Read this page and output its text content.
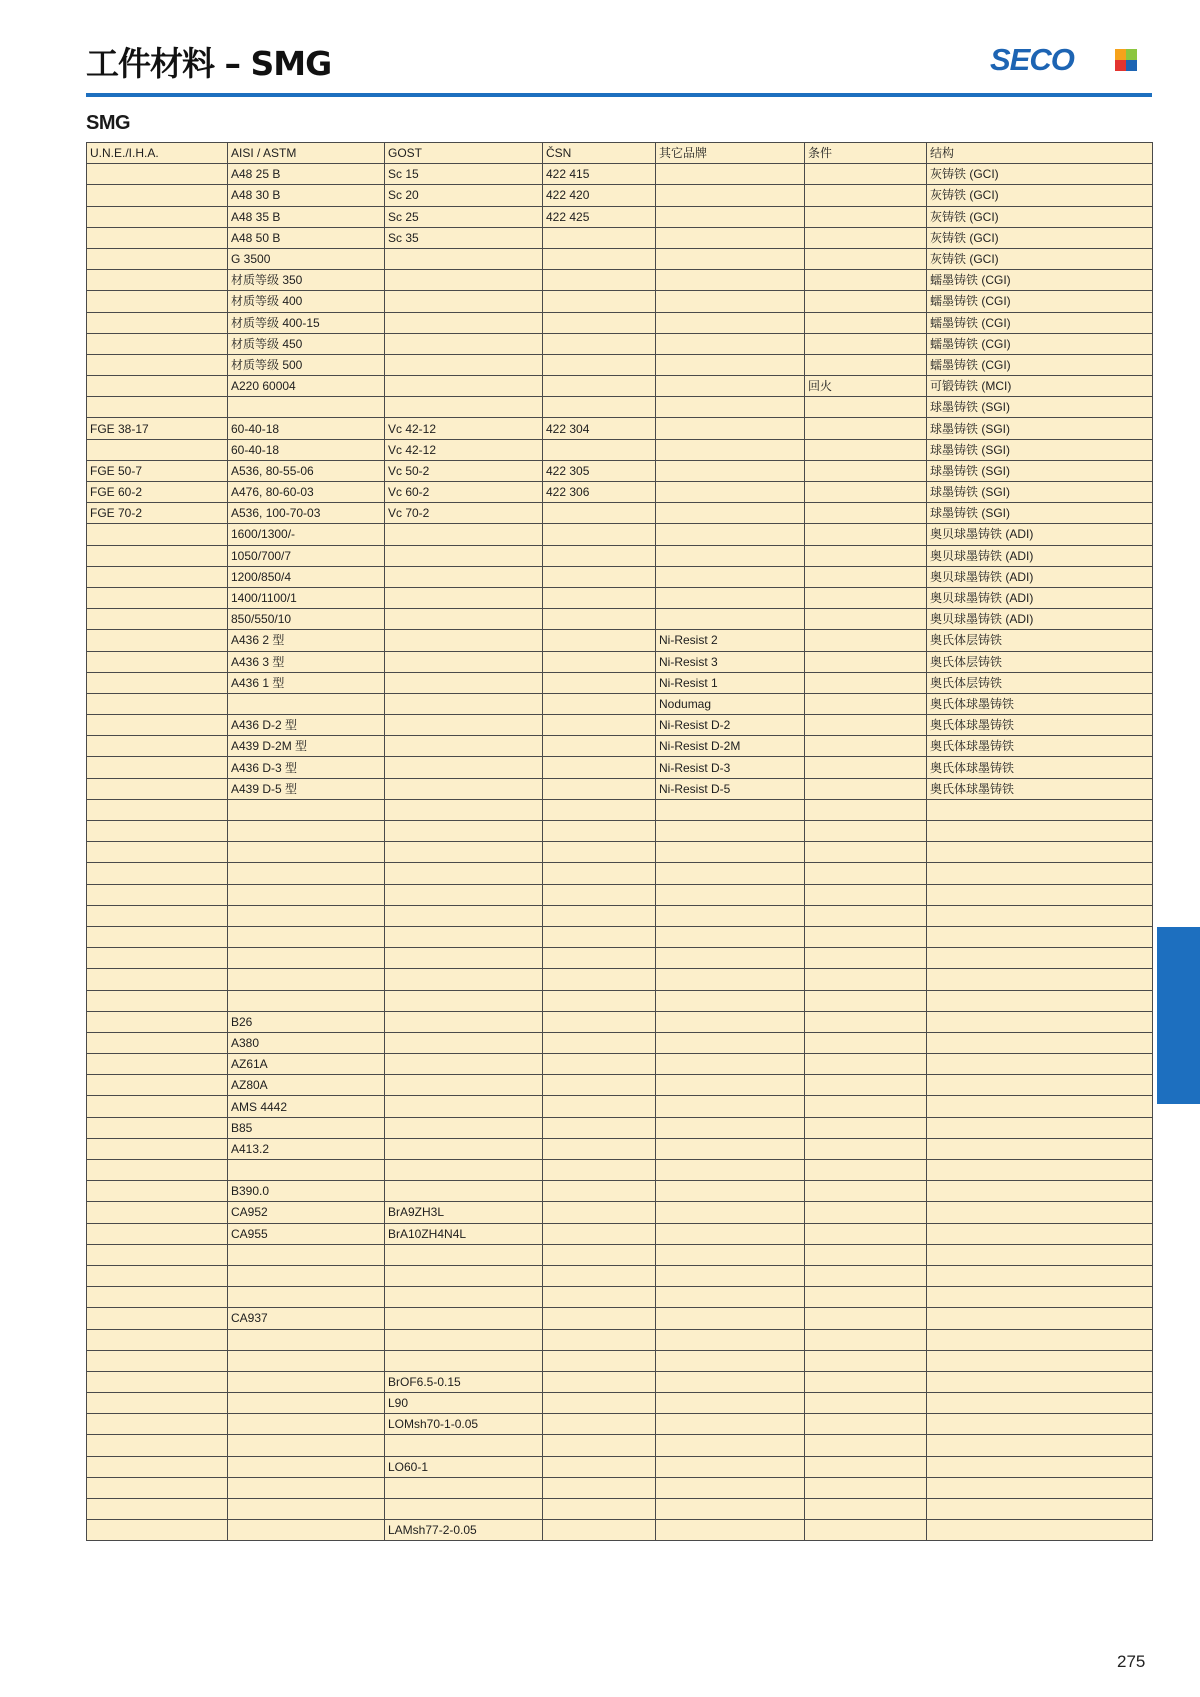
工件材料 – SMG	SECO
SMG
U.N.E./I.H.A.	AISI / ASTM	GOST	ČSN	其它品牌	条件	结构
	A48 25 B	Sc 15	422 415			灰铸铁 (GCI)
	A48 30 B	Sc 20	422 420			灰铸铁 (GCI)
	A48 35 B	Sc 25	422 425			灰铸铁 (GCI)
	A48 50 B	Sc 35				灰铸铁 (GCI)
	G 3500					灰铸铁 (GCI)
	材质等级 350					蠕墨铸铁 (CGI)
	材质等级 400					蠕墨铸铁 (CGI)
	材质等级 400-15					蠕墨铸铁 (CGI)
	材质等级 450					蠕墨铸铁 (CGI)
	材质等级 500					蠕墨铸铁 (CGI)
	A220 60004				回火	可锻铸铁 (MCI)
						球墨铸铁 (SGI)
FGE 38-17	60-40-18	Vc 42-12	422 304			球墨铸铁 (SGI)
	60-40-18	Vc 42-12				球墨铸铁 (SGI)
FGE 50-7	A536, 80-55-06	Vc 50-2	422 305			球墨铸铁 (SGI)
FGE 60-2	A476, 80-60-03	Vc 60-2	422 306			球墨铸铁 (SGI)
FGE 70-2	A536, 100-70-03	Vc 70-2				球墨铸铁 (SGI)
	1600/1300/-					奥贝球墨铸铁 (ADI)
	1050/700/7					奥贝球墨铸铁 (ADI)
	1200/850/4					奥贝球墨铸铁 (ADI)
	1400/1100/1					奥贝球墨铸铁 (ADI)
	850/550/10					奥贝球墨铸铁 (ADI)
	A436 2 型			Ni-Resist 2		奥氏体层铸铁
	A436 3 型			Ni-Resist 3		奥氏体层铸铁
	A436 1 型			Ni-Resist 1		奥氏体层铸铁
				Nodumag		奥氏体球墨铸铁
	A436 D-2 型			Ni-Resist D-2		奥氏体球墨铸铁
	A439 D-2M 型			Ni-Resist D-2M		奥氏体球墨铸铁
	A436 D-3 型			Ni-Resist D-3		奥氏体球墨铸铁
	A439 D-5 型			Ni-Resist D-5		奥氏体球墨铸铁

	B26					
	A380					
	AZ61A					
	AZ80A					
	AMS 4442					
	B85					
	A413.2					

	B390.0					
	CA952	BrA9ZH3L				
	CA955	BrA10ZH4N4L				

	CA937					

		BrOF6.5-0.15				
		L90				
		LOMsh70-1-0.05				

		LO60-1				

		LAMsh77-2-0.05				
275
